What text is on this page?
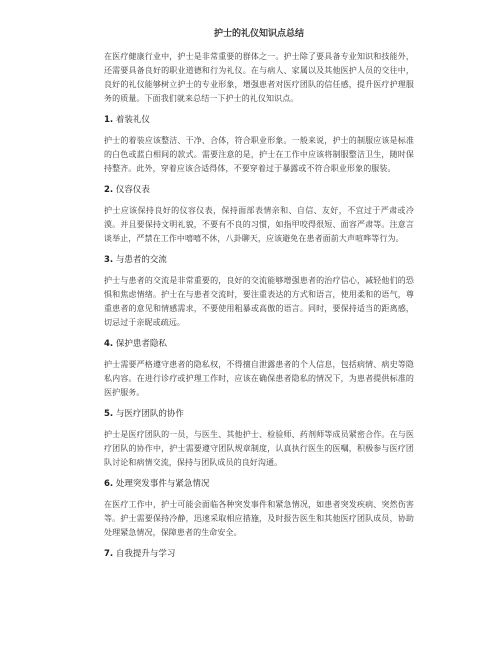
护士的礼仪知识点总结

在医疗健康行业中，护士是非常重要的群体之一。护士除了要具备专业知识和技能外，还需要具备良好的职业道德和行为礼仪。在与病人、家属以及其他医护人员的交往中，良好的礼仪能够树立护士的专业形象，增强患者对医疗团队的信任感，提升医疗护理服务的质量。下面我们就来总结一下护士的礼仪知识点。

1. 着装礼仪

护士的着装应该整洁、干净、合体，符合职业形象。一般来说，护士的制服应该是标准的白色或蓝白相间的款式。需要注意的是，护士在工作中应该将制服整洁卫生，随时保持整齐。此外，穿着应该合适得体，不要穿着过于暴露或不符合职业形象的服装。

2. 仪容仪表

护士应该保持良好的仪容仪表，保持面部表情亲和、自信、友好，不宜过于严肃或冷漠。并且要保持文明礼貌，不要有不良的习惯，如指甲咬得很短、面容严肃等。注意言谈举止，严禁在工作中嘻嘻不休，八卦聊天，应该避免在患者面前大声喧哗等行为。

3. 与患者的交流

护士与患者的交流是非常重要的，良好的交流能够增强患者的治疗信心，减轻他们的恐惧和焦虑情绪。护士在与患者交流时，要注重表达的方式和语言，使用柔和的语气，尊重患者的意见和情感需求，不要使用粗暴或高傲的语言。同时，要保持适当的距离感，切忌过于亲昵或疏远。

4. 保护患者隐私

护士需要严格遵守患者的隐私权，不得擅自泄露患者的个人信息，包括病情、病史等隐私内容。在进行诊疗或护理工作时，应该在确保患者隐私的情况下，为患者提供标准的医护服务。

5. 与医疗团队的协作

护士是医疗团队的一员，与医生、其他护士、检验师、药剂师等成员紧密合作。在与医疗团队的协作中，护士需要遵守团队规章制度，认真执行医生的医嘱，积极参与医疗团队讨论和病情交流，保持与团队成员的良好沟通。

6. 处理突发事件与紧急情况

在医疗工作中，护士可能会面临各种突发事件和紧急情况，如患者突发疾病、突然伤害等。护士需要保持冷静，迅速采取相应措施，及时报告医生和其他医疗团队成员，协助处理紧急情况，保障患者的生命安全。

7. 自我提升与学习
